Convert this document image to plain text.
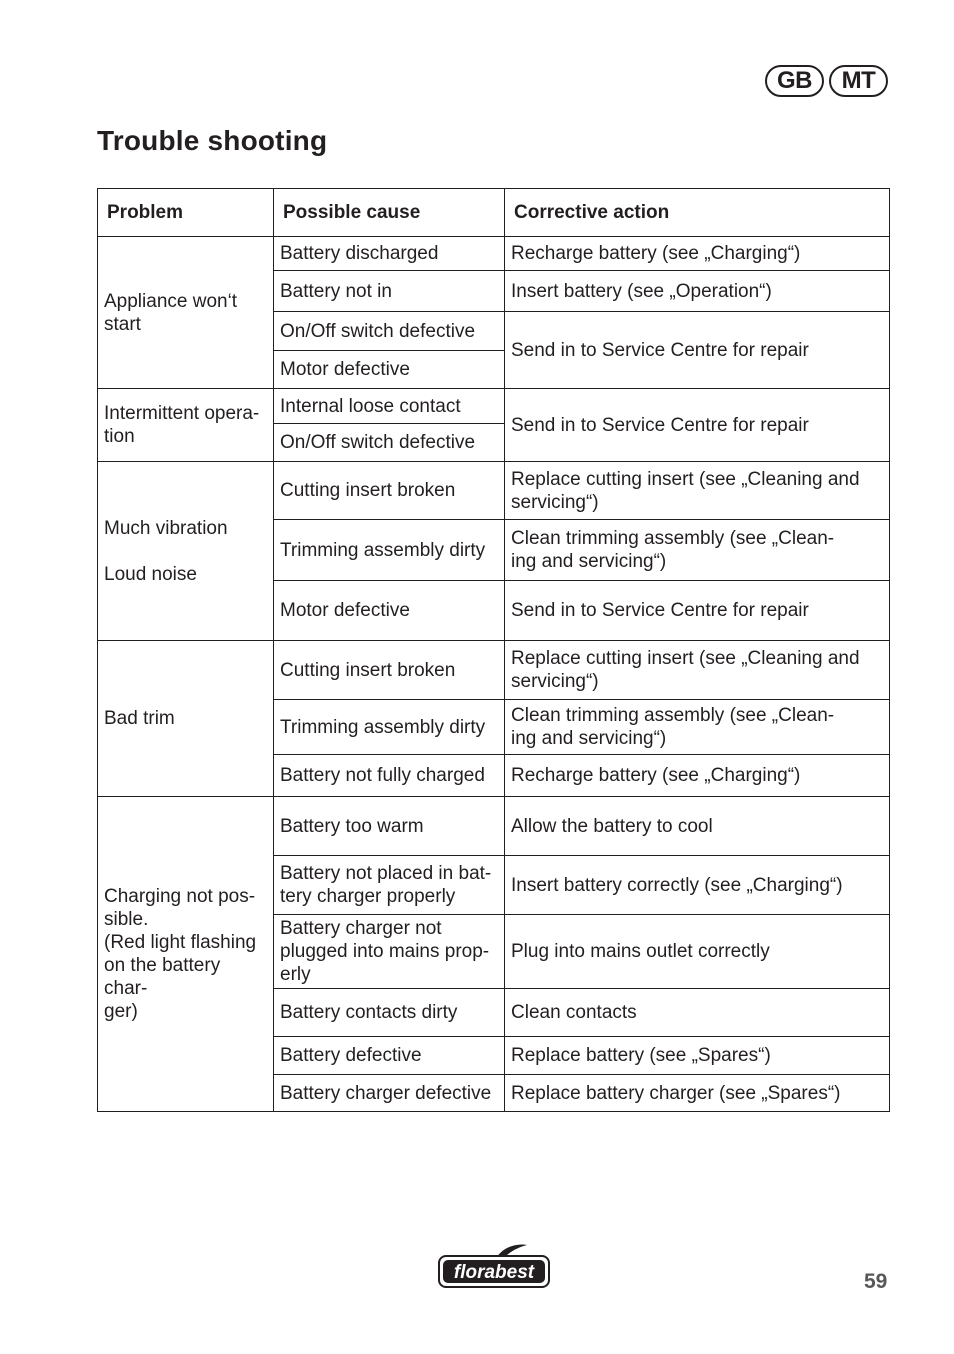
GB	MT
Trouble shooting
Problem	Possible cause	Corrective action
Appliance won‘t
start	Battery discharged	Recharge battery (see „Charging“)
	Battery not in	Insert battery (see „Operation“)
	On/Off switch defective	Send in to Service Centre for repair
	Motor defective	
Intermittent opera-
tion	Internal loose contact	Send in to Service Centre for repair
	On/Off switch defective	
Much vibration

Loud noise	Cutting insert broken	Replace cutting insert (see „Cleaning and servicing“)
	Trimming assembly dirty	Clean trimming assembly (see „Clean-
ing and servicing“)
	Motor defective	Send in to Service Centre for repair
Bad trim	Cutting insert broken	Replace cutting insert (see „Cleaning and servicing“)
	Trimming assembly dirty	Clean trimming assembly (see „Clean-
ing and servicing“)
	Battery not fully charged	Recharge battery (see „Charging“)
Charging not pos-
sible.
(Red light flashing
on the battery char-
ger)	Battery too warm	Allow the battery to cool
	Battery not placed in bat-
tery charger properly	Insert battery correctly (see „Charging“)
	Battery charger not
plugged into mains prop-
erly	Plug into mains outlet correctly
	Battery contacts dirty	Clean contacts
	Battery defective	Replace battery (see „Spares“)
	Battery charger defective	Replace battery charger (see „Spares“)
florabest	59
